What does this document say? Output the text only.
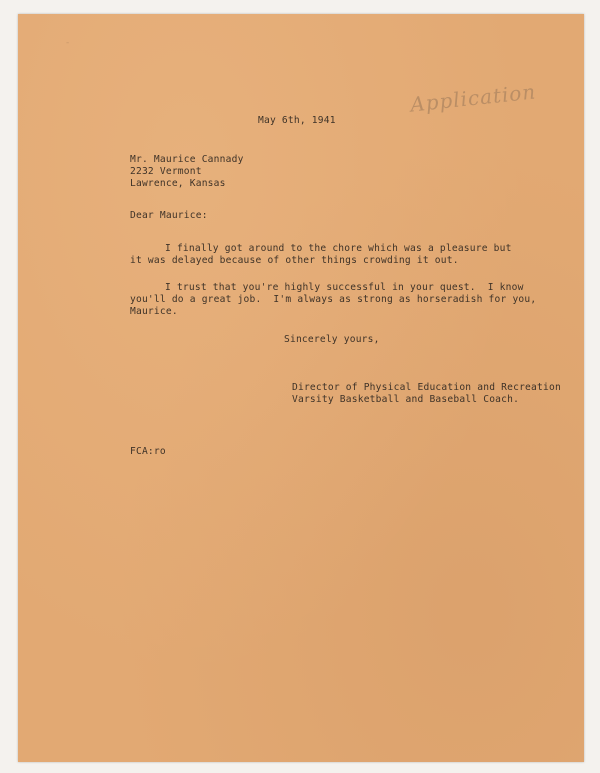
-
Application
May 6th, 1941
Mr. Maurice Cannady
2232 Vermont
Lawrence, Kansas
Dear Maurice:
I finally got around to the chore which was a pleasure but
it was delayed because of other things crowding it out.
I trust that you're highly successful in your quest.  I know
you'll do a great job.  I'm always as strong as horseradish for you,
Maurice.
Sincerely yours,
Director of Physical Education and Recreation
Varsity Basketball and Baseball Coach.
FCA:ro
